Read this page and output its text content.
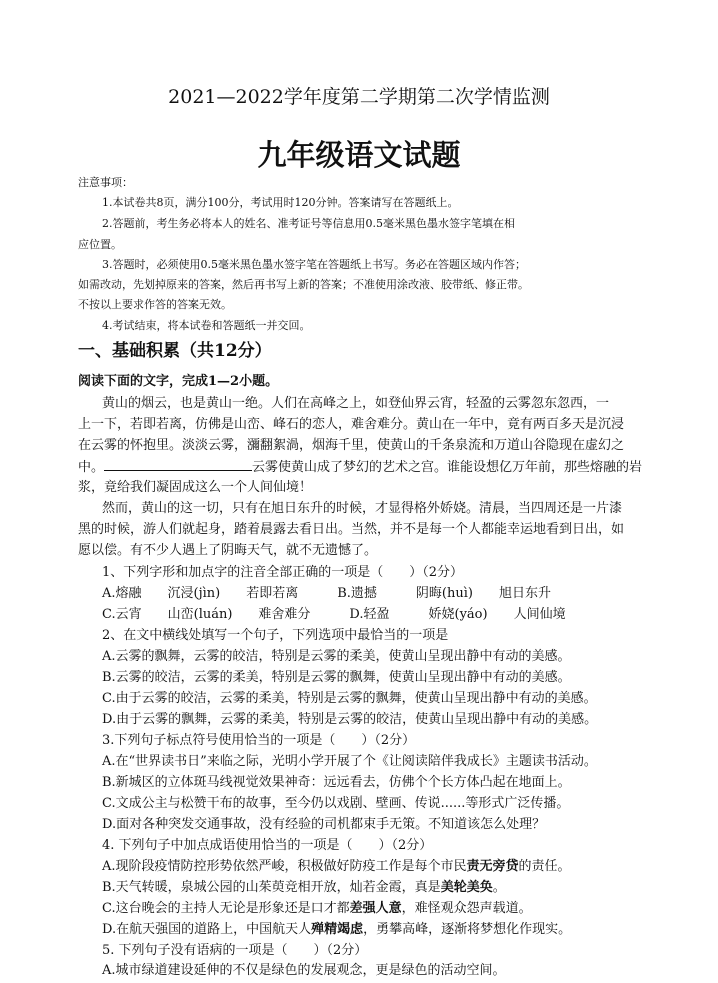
2021—2022学年度第二学期第二次学情监测
九年级语文试题
注意事项：
1.本试卷共8页，满分100分，考试用时120分钟。答案请写在答题纸上。
2.答题前，考生务必将本人的姓名、准考证号等信息用0.5毫米黑色墨水签字笔填在相
应位置。
3.答题时，必须使用0.5毫米黑色墨水签字笔在答题纸上书写。务必在答题区域内作答；
如需改动，先划掉原来的答案，然后再书写上新的答案；不准使用涂改液、胶带纸、修正带。
不按以上要求作答的答案无效。
4.考试结束，将本试卷和答题纸一并交回。
一、基础积累（共12分）
阅读下面的文字，完成1—2小题。
黄山的烟云，也是黄山一绝。人们在高峰之上，如登仙界云宵，轻盈的云雾忽东忽西，一
上一下，若即若离，仿佛是山峦、峰石的恋人，难舍难分。黄山在一年中，竟有两百多天是沉浸
在云雾的怀抱里。淡淡云雾，瀰翻絮渦，烟海千里，使黄山的千条泉流和万道山谷隐现在虚幻之
中。	云雾使黄山成了梦幻的艺术之宫。谁能设想亿万年前，那些熔融的岩
浆，竟给我们凝固成这么一个人间仙境！
然而，黄山的这一切，只有在旭日东升的时候，才显得格外娇娆。清晨，当四周还是一片漆
黑的时候，游人们就起身，踏着晨露去看日出。当然，并不是每一个人都能幸运地看到日出，如
愿以偿。有不少人遇上了阴晦天气，就不无遗憾了。
1、下列字形和加点字的注音全部正确的一项是（　　）（2分）
A.熔融　　沉浸(jìn)　　若即若离　　　B.遗撼　　　阴晦(huì)　　旭日东升
C.云宵　　山峦(luán)　　难舍难分　　　D.轻盈　　　娇娆(yáo)　　人间仙境
2、在文中横线处填写一个句子，下列选项中最恰当的一项是
A.云雾的飘舞，云雾的皎洁，特别是云雾的柔美，使黄山呈现出静中有动的美感。
B.云雾的皎洁，云雾的柔美，特别是云雾的飘舞，使黄山呈现出静中有动的美感。
C.由于云雾的皎洁，云雾的柔美，特别是云雾的飘舞，使黄山呈现出静中有动的美感。
D.由于云雾的飘舞，云雾的柔美，特别是云雾的皎洁，使黄山呈现出静中有动的美感。
3.下列句子标点符号使用恰当的一项是（　　）（2分）
A.在“世界读书日”来临之际，光明小学开展了个《让阅读陪伴我成长》主题读书活动。
B.新城区的立体斑马线视觉效果神奇：远远看去，仿佛个个长方体凸起在地面上。
C.文成公主与松赞干布的故事，至今仍以戏剧、壁画、传说......等形式广泛传播。
D.面对各种突发交通事故，没有经验的司机都束手无策。不知道该怎么处理？
4. 下列句子中加点成语使用恰当的一项是（　　）（2分）
A.现阶段疫情防控形势依然严峻，积极做好防疫工作是每个市民责无旁贷的责任。
B.天气转暖，泉城公园的山茱萸竞相开放，灿若金霞，真是美轮美奂。
C.这台晚会的主持人无论是形象还是口才都差强人意，难怪观众怨声载道。
D.在航天强国的道路上，中国航天人殚精竭虑，勇攀高峰，逐渐将梦想化作现实。
5. 下列句子没有语病的一项是（　　）（2分）
A.城市绿道建设延伸的不仅是绿色的发展观念，更是绿色的活动空间。
